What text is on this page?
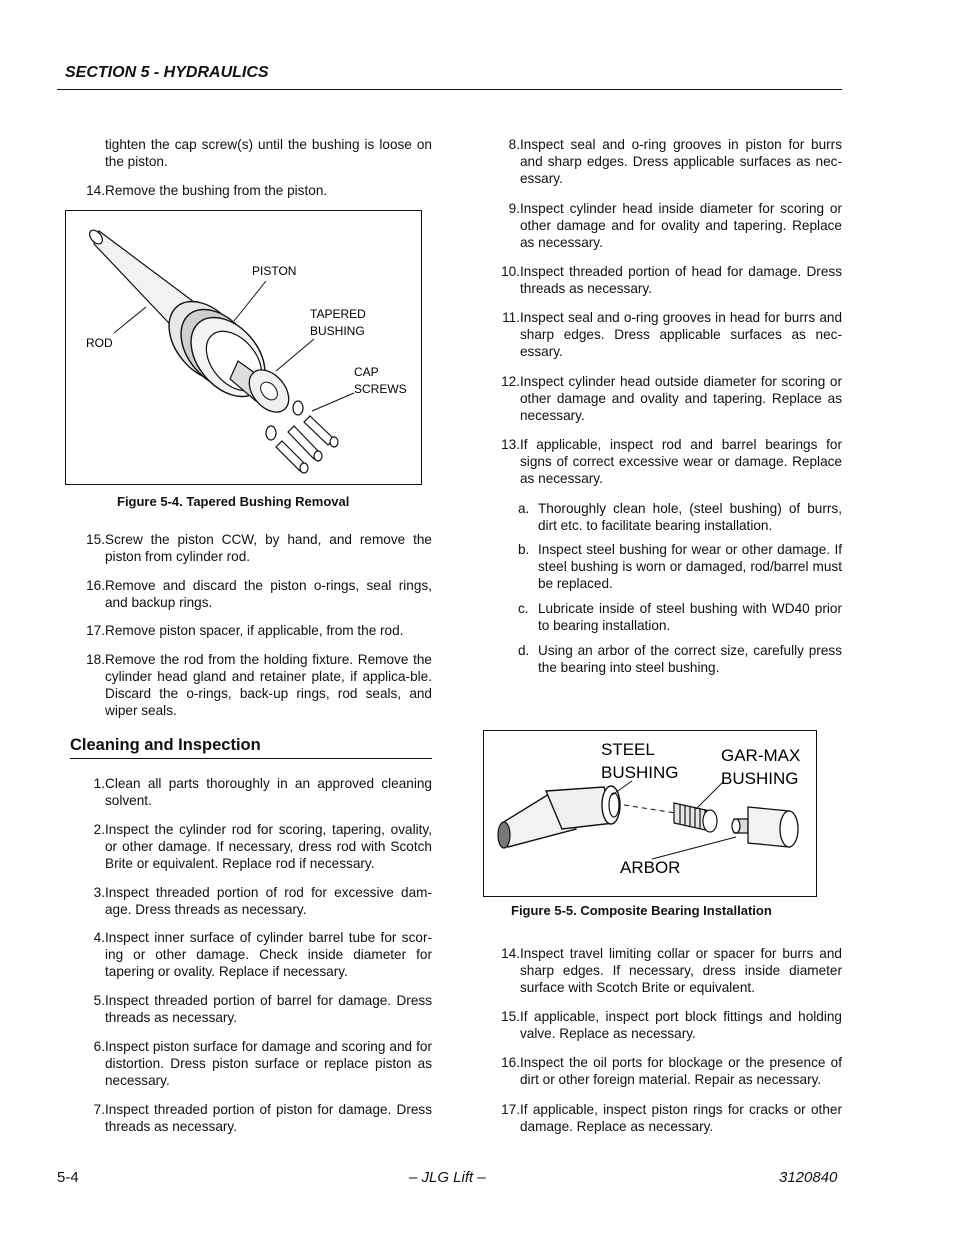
SECTION 5 - HYDRAULICS
tighten the cap screw(s) until the bushing is loose on the piston.
14. Remove the bushing from the piston.
PISTON
ROD
TAPERED
BUSHING
CAP
SCREWS
Figure 5-4. Tapered Bushing Removal
15. Screw the piston CCW, by hand, and remove the piston from cylinder rod.
16. Remove and discard the piston o-rings, seal rings, and backup rings.
17. Remove piston spacer, if applicable, from the rod.
18. Remove the rod from the holding fixture. Remove the cylinder head gland and retainer plate, if applica-ble. Discard the o-rings, back-up rings, rod seals, and wiper seals.
Cleaning and Inspection
1. Clean all parts thoroughly in an approved cleaning solvent.
2. Inspect the cylinder rod for scoring, tapering, ovality, or other damage. If necessary, dress rod with Scotch Brite or equivalent. Replace rod if necessary.
3. Inspect threaded portion of rod for excessive dam-age. Dress threads as necessary.
4. Inspect inner surface of cylinder barrel tube for scor-ing or other damage. Check inside diameter for tapering or ovality. Replace if necessary.
5. Inspect threaded portion of barrel for damage. Dress threads as necessary.
6. Inspect piston surface for damage and scoring and for distortion. Dress piston surface or replace piston as necessary.
7. Inspect threaded portion of piston for damage. Dress threads as necessary.
8. Inspect seal and o-ring grooves in piston for burrs and sharp edges. Dress applicable surfaces as nec-essary.
9. Inspect cylinder head inside diameter for scoring or other damage and for ovality and tapering. Replace as necessary.
10. Inspect threaded portion of head for damage. Dress threads as necessary.
11. Inspect seal and o-ring grooves in head for burrs and sharp edges. Dress applicable surfaces as nec-essary.
12. Inspect cylinder head outside diameter for scoring or other damage and ovality and tapering. Replace as necessary.
13. If applicable, inspect rod and barrel bearings for signs of correct excessive wear or damage. Replace as necessary.
a. Thoroughly clean hole, (steel bushing) of burrs, dirt etc. to facilitate bearing installation.
b. Inspect steel bushing for wear or other damage. If steel bushing is worn or damaged, rod/barrel must be replaced.
c. Lubricate inside of steel bushing with WD40 prior to bearing installation.
d. Using an arbor of the correct size, carefully press the bearing into steel bushing.
STEEL
BUSHING
GAR-MAX
BUSHING
ARBOR
Figure 5-5. Composite Bearing Installation
14. Inspect travel limiting collar or spacer for burrs and sharp edges. If necessary, dress inside diameter surface with Scotch Brite or equivalent.
15. If applicable, inspect port block fittings and holding valve. Replace as necessary.
16. Inspect the oil ports for blockage or the presence of dirt or other foreign material. Repair as necessary.
17. If applicable, inspect piston rings for cracks or other damage. Replace as necessary.
5-4	– JLG Lift –	3120840
